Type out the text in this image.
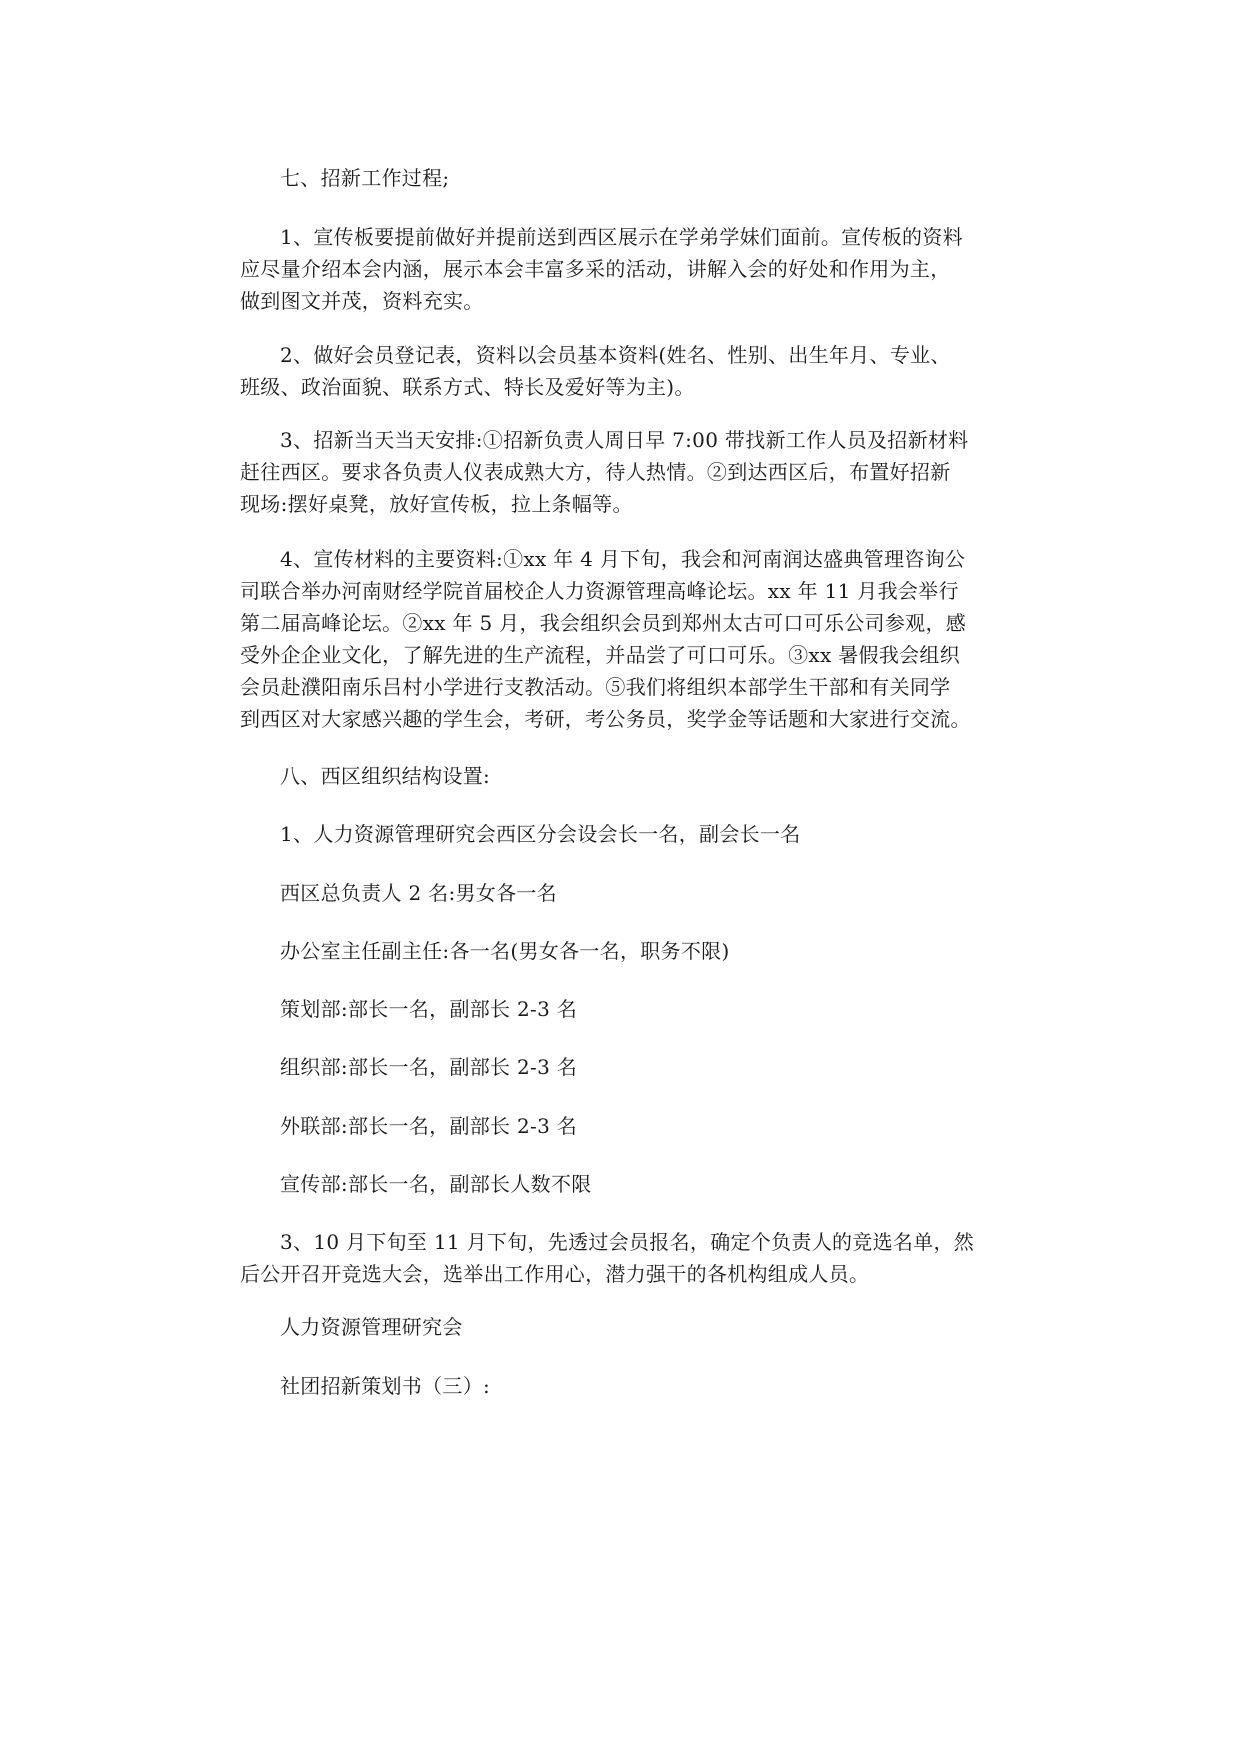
七、招新工作过程;

1、宣传板要提前做好并提前送到西区展示在学弟学妹们面前。宣传板的资料
应尽量介绍本会内涵，展示本会丰富多采的活动，讲解入会的好处和作用为主，
做到图文并茂，资料充实。

2、做好会员登记表，资料以会员基本资料(姓名、性别、出生年月、专业、
班级、政治面貌、联系方式、特长及爱好等为主)。

3、招新当天当天安排:①招新负责人周日早 7:00 带找新工作人员及招新材料
赶往西区。要求各负责人仪表成熟大方，待人热情。②到达西区后，布置好招新
现场:摆好桌凳，放好宣传板，拉上条幅等。

4、宣传材料的主要资料:①xx 年 4 月下旬，我会和河南润达盛典管理咨询公
司联合举办河南财经学院首届校企人力资源管理高峰论坛。xx 年 11 月我会举行
第二届高峰论坛。②xx 年 5 月，我会组织会员到郑州太古可口可乐公司参观，感
受外企企业文化，了解先进的生产流程，并品尝了可口可乐。③xx 暑假我会组织
会员赴濮阳南乐吕村小学进行支教活动。⑤我们将组织本部学生干部和有关同学
到西区对大家感兴趣的学生会，考研，考公务员，奖学金等话题和大家进行交流。

八、西区组织结构设置:

1、人力资源管理研究会西区分会设会长一名，副会长一名

西区总负责人 2 名:男女各一名

办公室主任副主任:各一名(男女各一名，职务不限)

策划部:部长一名，副部长 2-3 名

组织部:部长一名，副部长 2-3 名

外联部:部长一名，副部长 2-3 名

宣传部:部长一名，副部长人数不限

3、10 月下旬至 11 月下旬，先透过会员报名，确定个负责人的竞选名单，然
后公开召开竞选大会，选举出工作用心，潜力强干的各机构组成人员。

人力资源管理研究会

社团招新策划书（三）:
